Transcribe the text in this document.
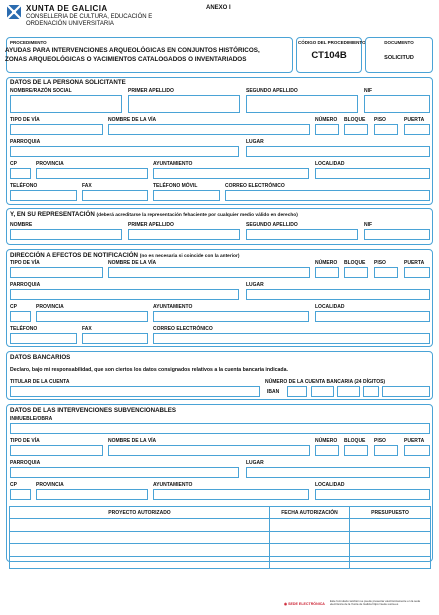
XUNTA DE GALICIA
CONSELLERIA DE CULTURA, EDUCACIÓN E ORDENACIÓN UNIVERSITARIA
ANEXO I
PROCEDIMENTO
AYUDAS PARA INTERVENCIONES ARQUEOLÓGICAS EN CONJUNTOS HISTÓRICOS, ZONAS ARQUEOLÓGICAS O YACIMIENTOS CATALOGADOS O INVENTARIADOS
CÓDIGO DEL PROCEDIMIENTO
CT104B
DOCUMENTO
SOLICITUD
DATOS DE LA PERSONA SOLICITANTE
NOMBRE/RAZÓN SOCIAL	PRIMER APELLIDO	SEGUNDO APELLIDO	NIF
TIPO DE VÍA	NOMBRE DE LA VÍA	NÚMERO BLOQUE PISO	PUERTA
PARROQUIA	LUGAR
CP	PROVINCIA	AYUNTAMIENTO	LOCALIDAD
TELÉFONO	FAX	TELÉFONO MÓVIL	CORREO ELECTRÓNICO
Y, EN SU REPRESENTACIÓN (deberá acreditarse la representación fehaciente por cualquier medio válido en derecho)
NOMBRE	PRIMER APELLIDO	SEGUNDO APELLIDO	NIF
DIRECCIÓN A EFECTOS DE NOTIFICACIÓN (no es necesaria si coincide con la anterior)
TIPO DE VÍA	NOMBRE DE LA VÍA	NÚMERO BLOQUE PISO	PUERTA
PARROQUIA	LUGAR
CP	PROVINCIA	AYUNTAMIENTO	LOCALIDAD
TELÉFONO	FAX	CORREO ELECTRÓNICO
DATOS BANCARIOS
Declaro, bajo mi responsabilidad, que son ciertos los datos consignados relativos a la cuenta bancaria indicada.
TITULAR DE LA CUENTA	NÚMERO DE LA CUENTA BANCARIA (24 DÍGITOS)
IBAN
DATOS DE LAS INTERVENCIONES SUBVENCIONABLES
INMUEBLE/OBRA
TIPO DE VÍA	NOMBRE DE LA VÍA	NÚMERO BLOQUE PISO	PUERTA
PARROQUIA	LUGAR
CP	PROVINCIA	AYUNTAMIENTO	LOCALIDAD
PROYECTO AUTORIZADO	FECHA AUTORIZACIÓN	PRESUPUESTO

◉ SEDE ELECTRÓNICA
Este formulario también se puede presentar electrónicamente en la sede electrónica de la Xunta de Galicia https://sede.xunta.es
